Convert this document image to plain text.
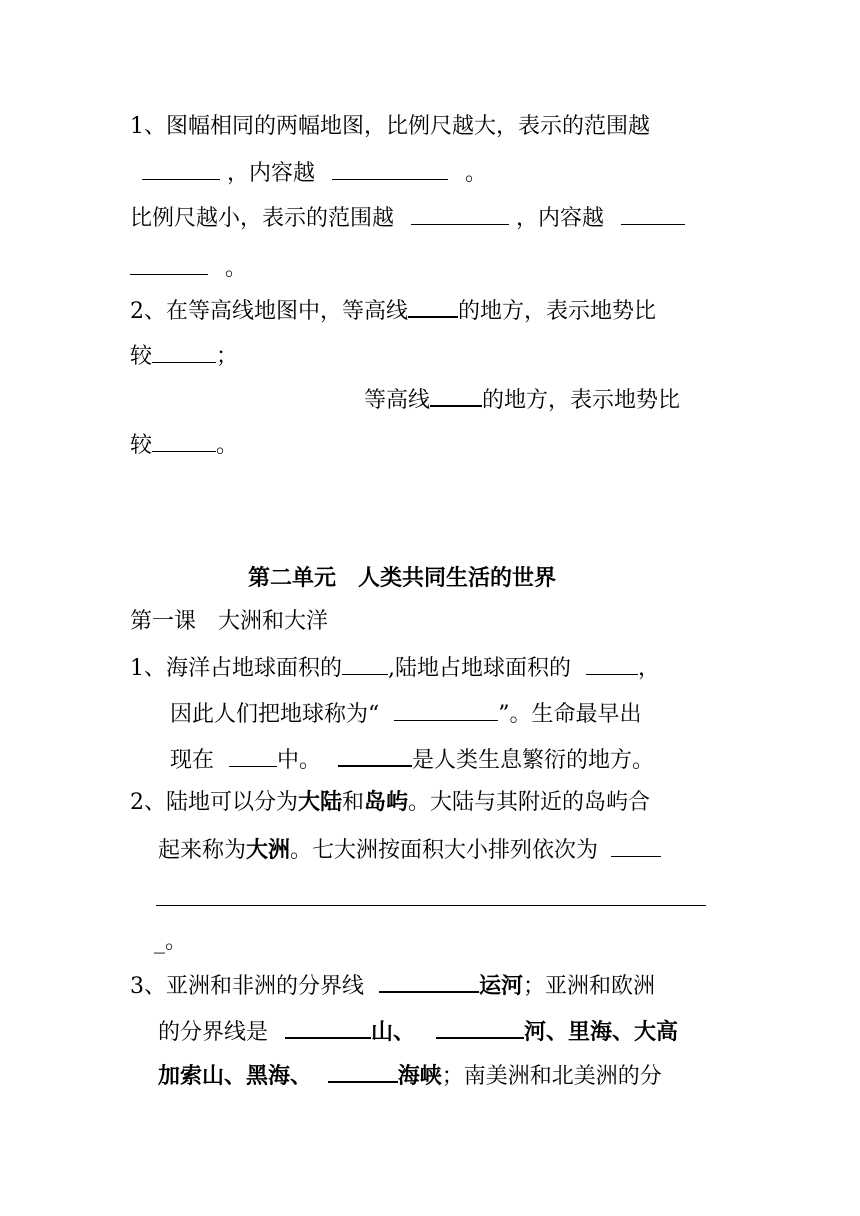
1、图幅相同的两幅地图，比例尺越大，表示的范围越
，内容越	。
比例尺越小，表示的范围越	，内容越
。
2、在等高线地图中，等高线 的地方，表示地势比
较	；
等高线 的地方，表示地势比
较	。
第二单元　人类共同生活的世界
第一课　大洲和大洋
1、海洋占地球面积的 ,陆地占地球面积的	，
因此人们把地球称为“	”。生命最早出
现在	中。	是人类生息繁衍的地方。
2、陆地可以分为大陆和岛屿。大陆与其附近的岛屿合
起来称为大洲。七大洲按面积大小排列依次为
_。
3、亚洲和非洲的分界线	运河；亚洲和欧洲
的分界线是	山、	河、里海、大高
加索山、黑海、	海峡；南美洲和北美洲的分
